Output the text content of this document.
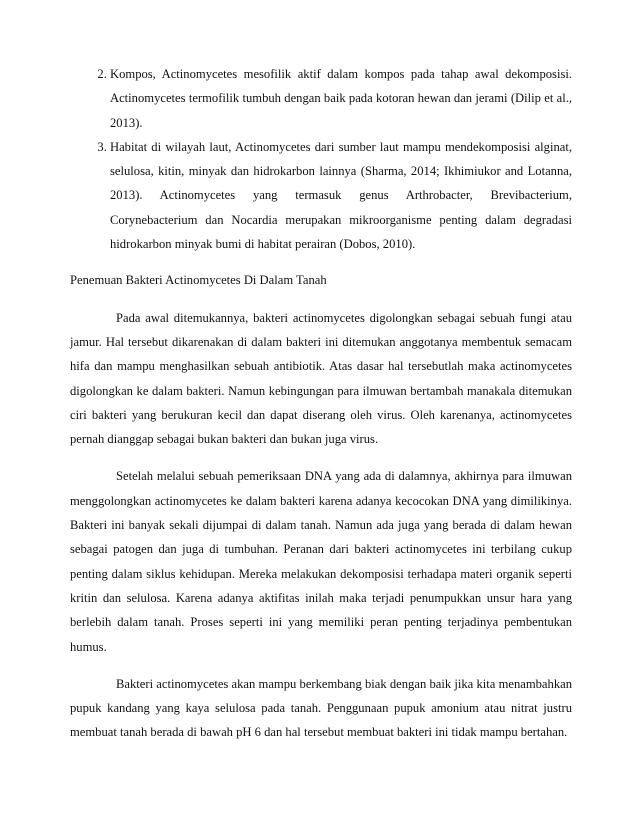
2. Kompos, Actinomycetes mesofilik aktif dalam kompos pada tahap awal dekomposisi. Actinomycetes termofilik tumbuh dengan baik pada kotoran hewan dan jerami (Dilip et al., 2013).
3. Habitat di wilayah laut, Actinomycetes dari sumber laut mampu mendekomposisi alginat, selulosa, kitin, minyak dan hidrokarbon lainnya (Sharma, 2014; Ikhimiukor and Lotanna, 2013). Actinomycetes yang termasuk genus Arthrobacter, Brevibacterium, Corynebacterium dan Nocardia merupakan mikroorganisme penting dalam degradasi hidrokarbon minyak bumi di habitat perairan (Dobos, 2010).
Penemuan Bakteri Actinomycetes Di Dalam Tanah

Pada awal ditemukannya, bakteri actinomycetes digolongkan sebagai sebuah fungi atau jamur. Hal tersebut dikarenakan di dalam bakteri ini ditemukan anggotanya membentuk semacam hifa dan mampu menghasilkan sebuah antibiotik. Atas dasar hal tersebutlah maka actinomycetes digolongkan ke dalam bakteri. Namun kebingungan para ilmuwan bertambah manakala ditemukan ciri bakteri yang berukuran kecil dan dapat diserang oleh virus. Oleh karenanya, actinomycetes pernah dianggap sebagai bukan bakteri dan bukan juga virus.

Setelah melalui sebuah pemeriksaan DNA yang ada di dalamnya, akhirnya para ilmuwan menggolongkan actinomycetes ke dalam bakteri karena adanya kecocokan DNA yang dimilikinya. Bakteri ini banyak sekali dijumpai di dalam tanah. Namun ada juga yang berada di dalam hewan sebagai patogen dan juga di tumbuhan. Peranan dari bakteri actinomycetes ini terbilang cukup penting dalam siklus kehidupan. Mereka melakukan dekomposisi terhadapa materi organik seperti kritin dan selulosa. Karena adanya aktifitas inilah maka terjadi penumpukkan unsur hara yang berlebih dalam tanah. Proses seperti ini yang memiliki peran penting terjadinya pembentukan humus.

Bakteri actinomycetes akan mampu berkembang biak dengan baik jika kita menambahkan pupuk kandang yang kaya selulosa pada tanah. Penggunaan pupuk amonium atau nitrat justru membuat tanah berada di bawah pH 6 dan hal tersebut membuat bakteri ini tidak mampu bertahan.
